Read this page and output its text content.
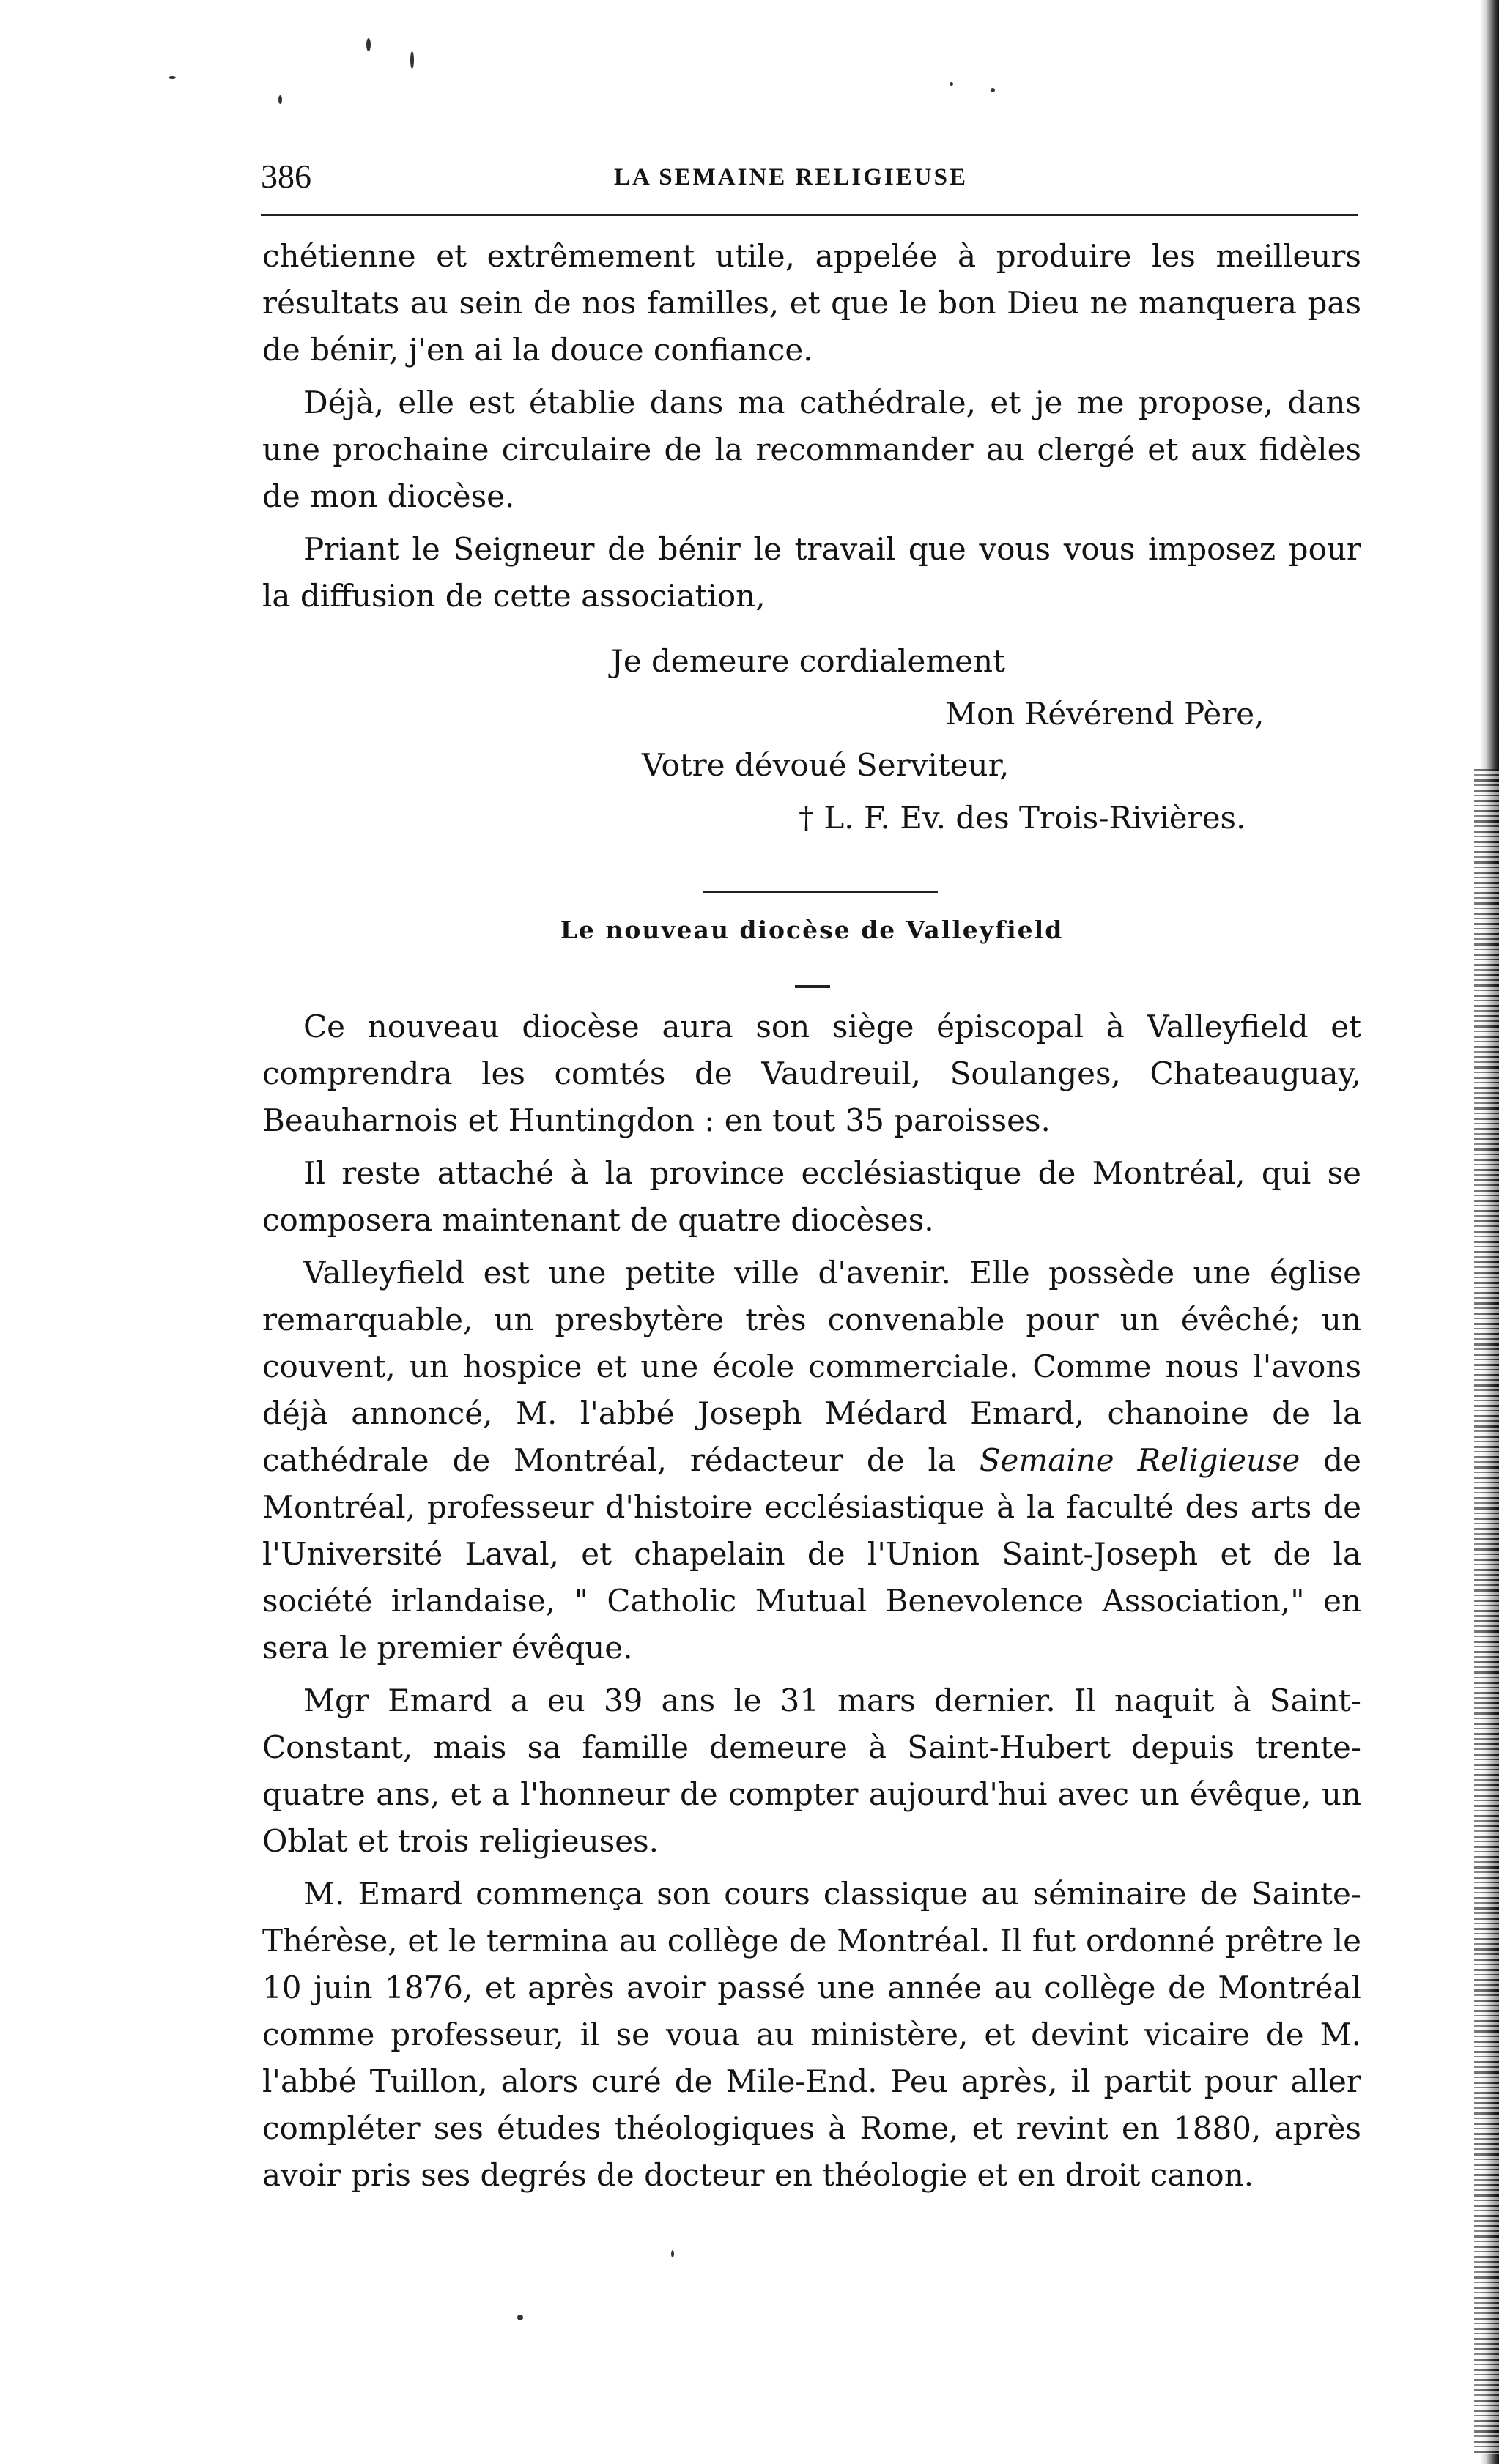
386	LA SEMAINE RELIGIEUSE

chétienne et extrêmement utile, appelée à produire les meilleurs résultats au sein de nos familles, et que le bon Dieu ne manquera pas de bénir, j'en ai la douce confiance.

Déjà, elle est établie dans ma cathédrale, et je me propose, dans une prochaine circulaire de la recommander au clergé et aux fidèles de mon diocèse.

Priant le Seigneur de bénir le travail que vous vous imposez pour la diffusion de cette association,

Je demeure cordialement
Mon Révérend Père,
Votre dévoué Serviteur,
† L. F. Ev. des Trois-Rivières.
Le nouveau diocèse de Valleyfield

Ce nouveau diocèse aura son siège épiscopal à Valleyfield et comprendra les comtés de Vaudreuil, Soulanges, Chateauguay, Beauharnois et Huntingdon : en tout 35 paroisses.

Il reste attaché à la province ecclésiastique de Montréal, qui se composera maintenant de quatre diocèses.

Valleyfield est une petite ville d'avenir. Elle possède une église remarquable, un presbytère très convenable pour un évêché; un couvent, un hospice et une école commerciale. Comme nous l'avons déjà annoncé, M. l'abbé Joseph Médard Emard, chanoine de la cathédrale de Montréal, rédacteur de la Semaine Religieuse de Montréal, professeur d'histoire ecclésiastique à la faculté des arts de l'Université Laval, et chapelain de l'Union Saint-Joseph et de la société irlandaise, " Catholic Mutual Benevolence Association," en sera le premier évêque.

Mgr Emard a eu 39 ans le 31 mars dernier. Il naquit à Saint-Constant, mais sa famille demeure à Saint-Hubert depuis trente-quatre ans, et a l'honneur de compter aujourd'hui avec un évêque, un Oblat et trois religieuses.

M. Emard commença son cours classique au séminaire de Sainte-Thérèse, et le termina au collège de Montréal. Il fut ordonné prêtre le 10 juin 1876, et après avoir passé une année au collège de Montréal comme professeur, il se voua au ministère, et devint vicaire de M. l'abbé Tuillon, alors curé de Mile-End. Peu après, il partit pour aller compléter ses études théologiques à Rome, et revint en 1880, après avoir pris ses degrés de docteur en théologie et en droit canon.
